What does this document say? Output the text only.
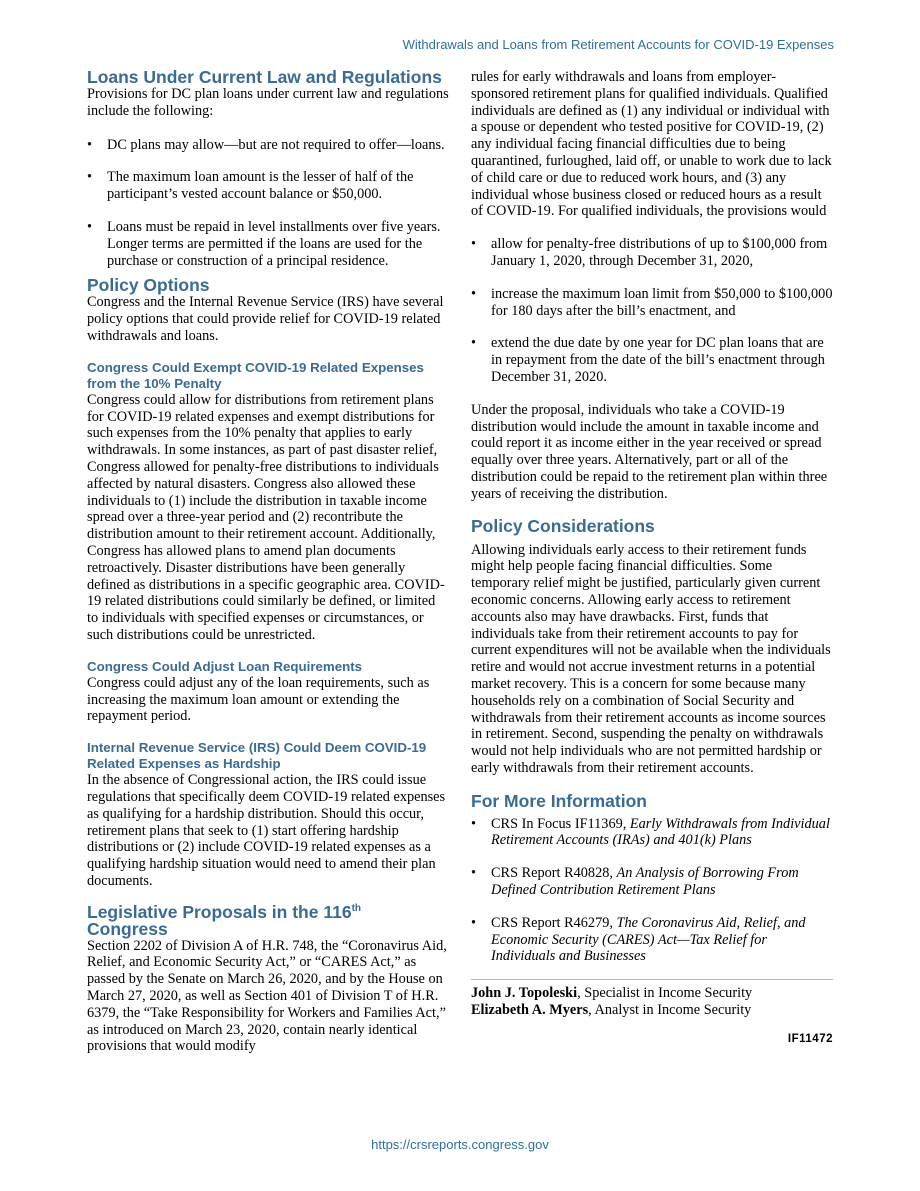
Withdrawals and Loans from Retirement Accounts for COVID-19 Expenses
Loans Under Current Law and Regulations

Provisions for DC plan loans under current law and regulations include the following:

• DC plans may allow—but are not required to offer—loans.
• The maximum loan amount is the lesser of half of the participant’s vested account balance or $50,000.
• Loans must be repaid in level installments over five years. Longer terms are permitted if the loans are used for the purchase or construction of a principal residence.
Policy Options

Congress and the Internal Revenue Service (IRS) have several policy options that could provide relief for COVID-19 related withdrawals and loans.

Congress Could Exempt COVID-19 Related Expenses from the 10% Penalty

Congress could allow for distributions from retirement plans for COVID-19 related expenses and exempt distributions for such expenses from the 10% penalty that applies to early withdrawals. In some instances, as part of past disaster relief, Congress allowed for penalty-free distributions to individuals affected by natural disasters. Congress also allowed these individuals to (1) include the distribution in taxable income spread over a three-year period and (2) recontribute the distribution amount to their retirement account. Additionally, Congress has allowed plans to amend plan documents retroactively. Disaster distributions have been generally defined as distributions in a specific geographic area. COVID-19 related distributions could similarly be defined, or limited to individuals with specified expenses or circumstances, or such distributions could be unrestricted.

Congress Could Adjust Loan Requirements

Congress could adjust any of the loan requirements, such as increasing the maximum loan amount or extending the repayment period.

Internal Revenue Service (IRS) Could Deem COVID-19 Related Expenses as Hardship

In the absence of Congressional action, the IRS could issue regulations that specifically deem COVID-19 related expenses as qualifying for a hardship distribution. Should this occur, retirement plans that seek to (1) start offering hardship distributions or (2) include COVID-19 related expenses as a qualifying hardship situation would need to amend their plan documents.

Legislative Proposals in the 116th
Congress

Section 2202 of Division A of H.R. 748, the “Coronavirus Aid, Relief, and Economic Security Act,” or “CARES Act,” as passed by the Senate on March 26, 2020, and by the House on March 27, 2020, as well as Section 401 of Division T of H.R. 6379, the “Take Responsibility for Workers and Families Act,” as introduced on March 23, 2020, contain nearly identical provisions that would modify

rules for early withdrawals and loans from employer-sponsored retirement plans for qualified individuals. Qualified individuals are defined as (1) any individual or individual with a spouse or dependent who tested positive for COVID-19, (2) any individual facing financial difficulties due to being quarantined, furloughed, laid off, or unable to work due to lack of child care or due to reduced work hours, and (3) any individual whose business closed or reduced hours as a result of COVID-19. For qualified individuals, the provisions would

• allow for penalty-free distributions of up to $100,000 from January 1, 2020, through December 31, 2020,
• increase the maximum loan limit from $50,000 to $100,000 for 180 days after the bill’s enactment, and
• extend the due date by one year for DC plan loans that are in repayment from the date of the bill’s enactment through December 31, 2020.

Under the proposal, individuals who take a COVID-19 distribution would include the amount in taxable income and could report it as income either in the year received or spread equally over three years. Alternatively, part or all of the distribution could be repaid to the retirement plan within three years of receiving the distribution.

Policy Considerations

Allowing individuals early access to their retirement funds might help people facing financial difficulties. Some temporary relief might be justified, particularly given current economic concerns. Allowing early access to retirement accounts also may have drawbacks. First, funds that individuals take from their retirement accounts to pay for current expenditures will not be available when the individuals retire and would not accrue investment returns in a potential market recovery. This is a concern for some because many households rely on a combination of Social Security and withdrawals from their retirement accounts as income sources in retirement. Second, suspending the penalty on withdrawals would not help individuals who are not permitted hardship or early withdrawals from their retirement accounts.

For More Information
• CRS In Focus IF11369, Early Withdrawals from Individual Retirement Accounts (IRAs) and 401(k) Plans
• CRS Report R40828, An Analysis of Borrowing From Defined Contribution Retirement Plans
• CRS Report R46279, The Coronavirus Aid, Relief, and Economic Security (CARES) Act—Tax Relief for Individuals and Businesses

John J. Topoleski, Specialist in Income Security

Elizabeth A. Myers, Analyst in Income Security

IF11472
https://crsreports.congress.gov
